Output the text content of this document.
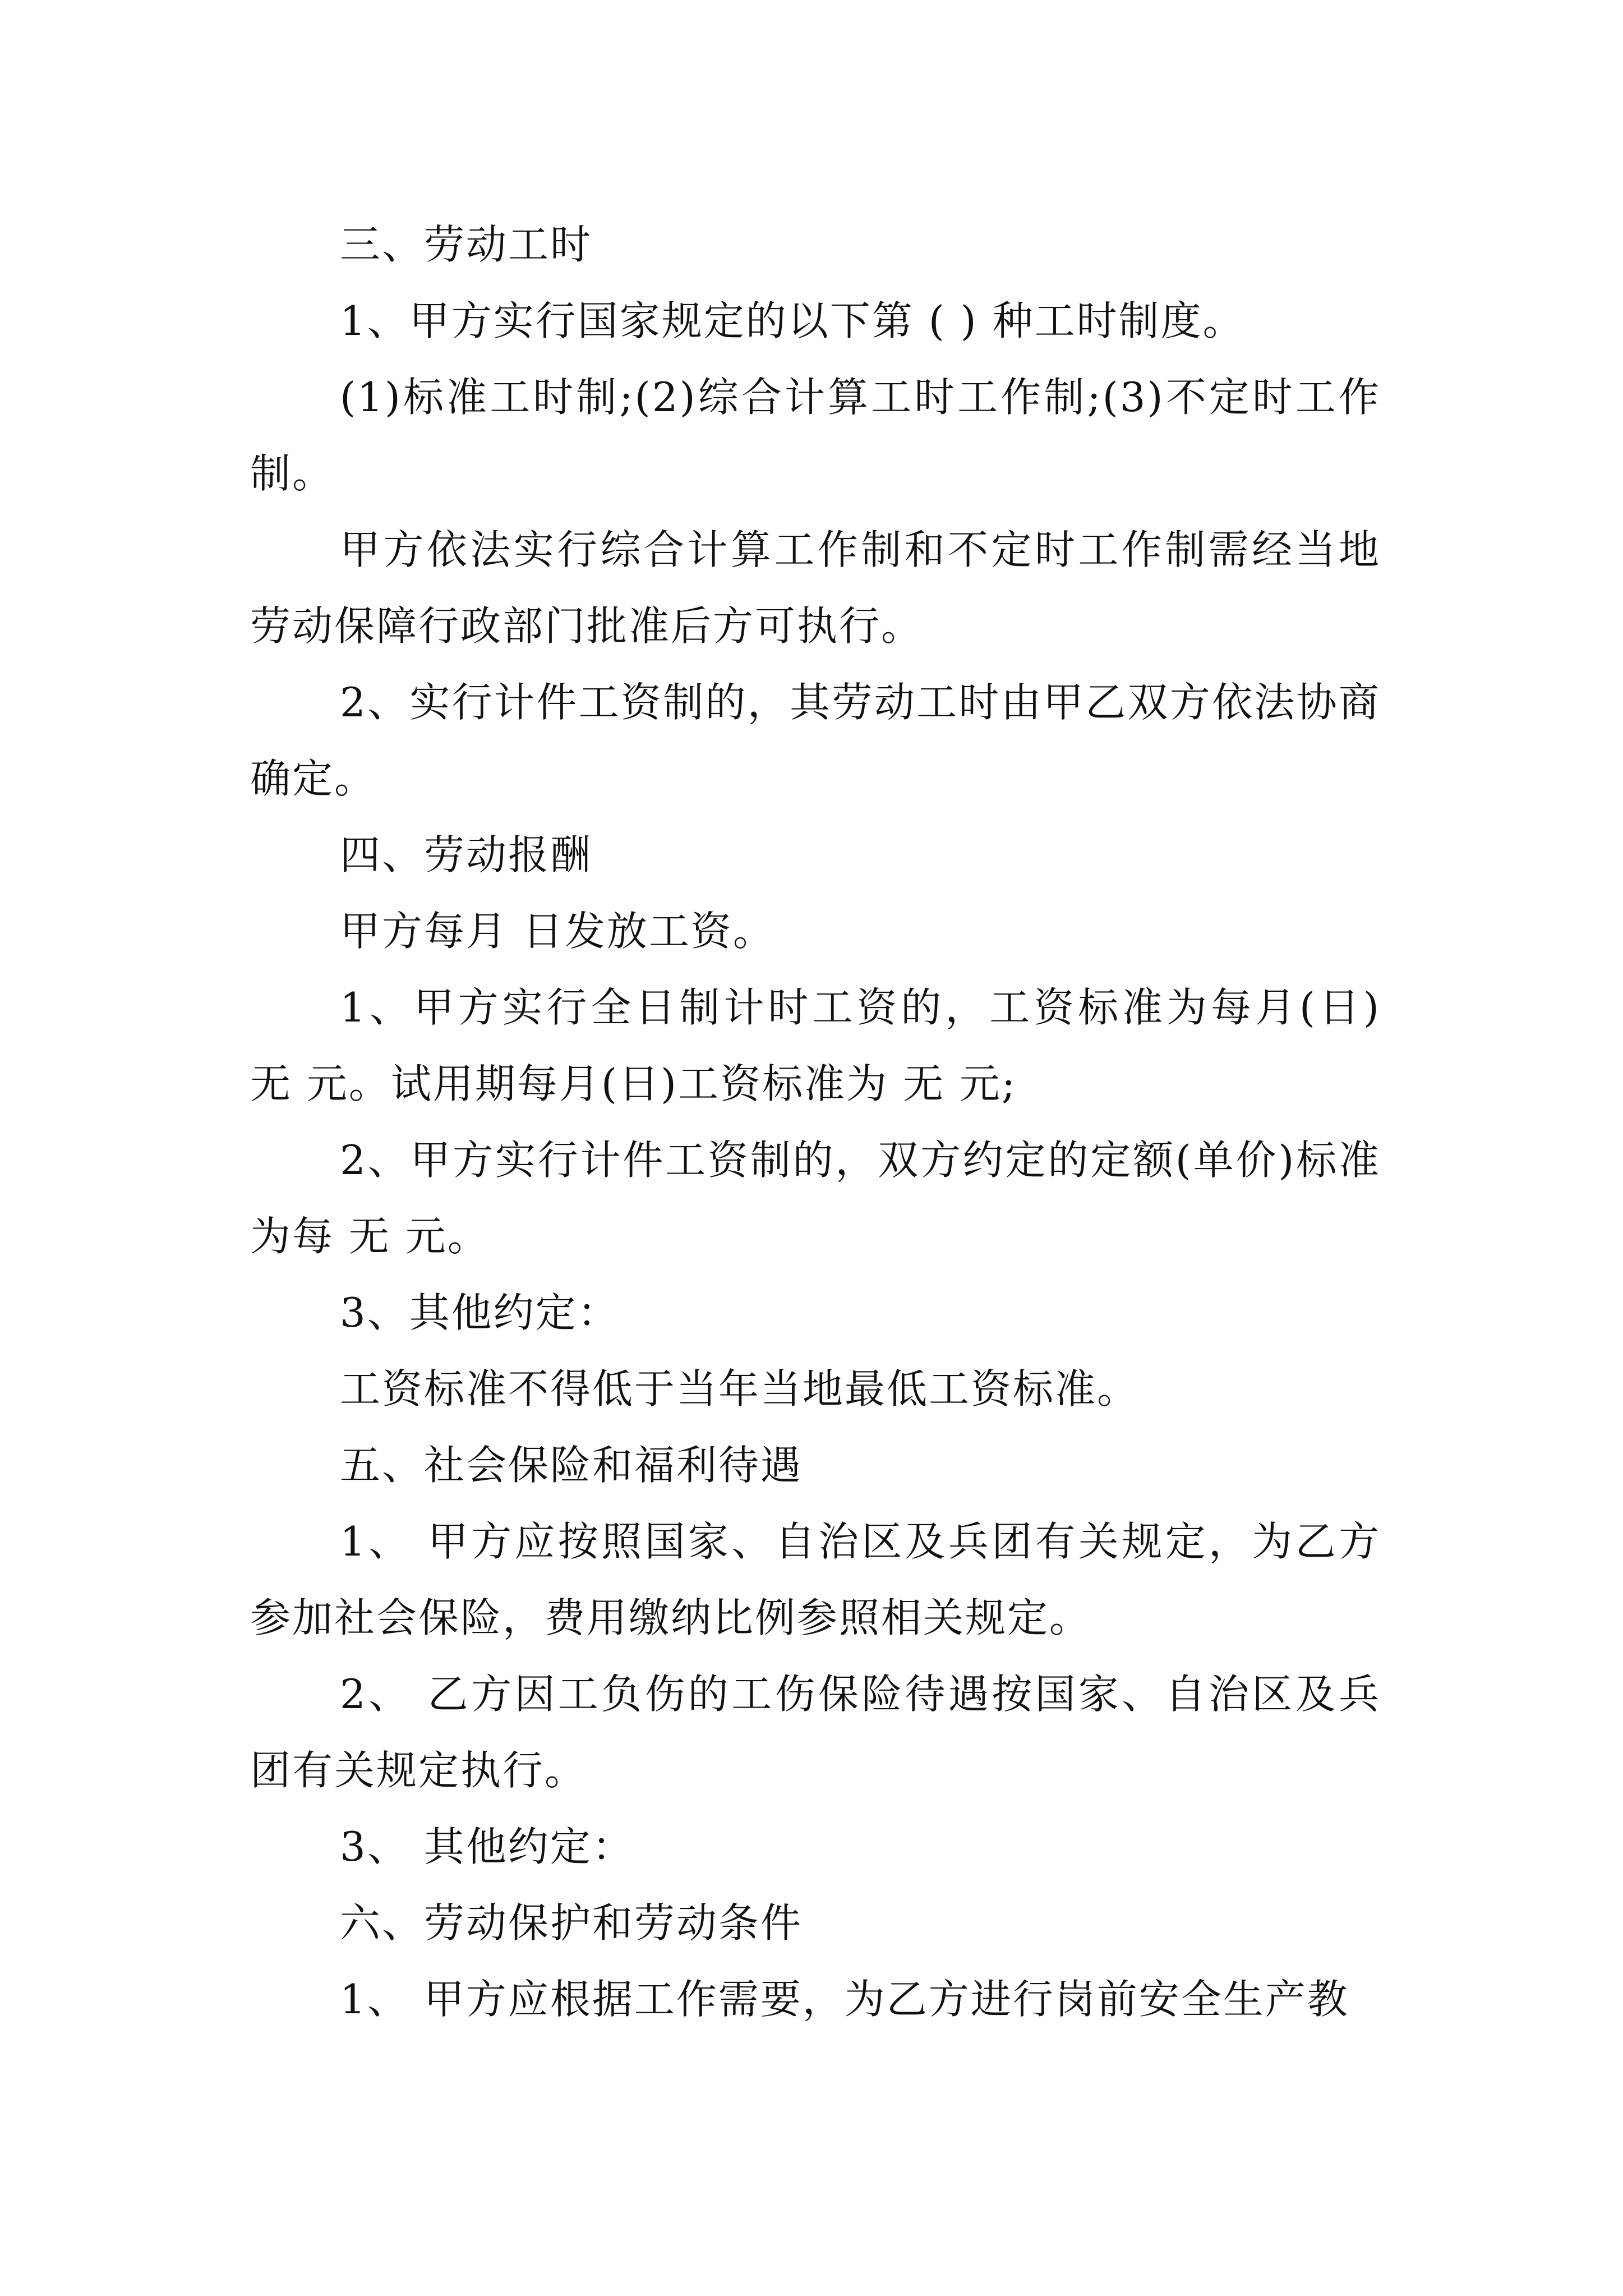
三、劳动工时

1、甲方实行国家规定的以下第 ( ) 种工时制度。

(1)标准工时制;(2)综合计算工时工作制;(3)不定时工作制。

甲方依法实行综合计算工作制和不定时工作制需经当地劳动保障行政部门批准后方可执行。

2、实行计件工资制的，其劳动工时由甲乙双方依法协商确定。

四、劳动报酬

甲方每月 日发放工资。

1、甲方实行全日制计时工资的，工资标准为每月(日) 无 元。试用期每月(日)工资标准为 无 元;

2、甲方实行计件工资制的，双方约定的定额(单价)标准为每 无 元。

3、其他约定：

工资标准不得低于当年当地最低工资标准。

五、社会保险和福利待遇

1、 甲方应按照国家、自治区及兵团有关规定，为乙方参加社会保险，费用缴纳比例参照相关规定。

2、 乙方因工负伤的工伤保险待遇按国家、自治区及兵团有关规定执行。

3、 其他约定：

六、劳动保护和劳动条件

1、 甲方应根据工作需要，为乙方进行岗前安全生产教
